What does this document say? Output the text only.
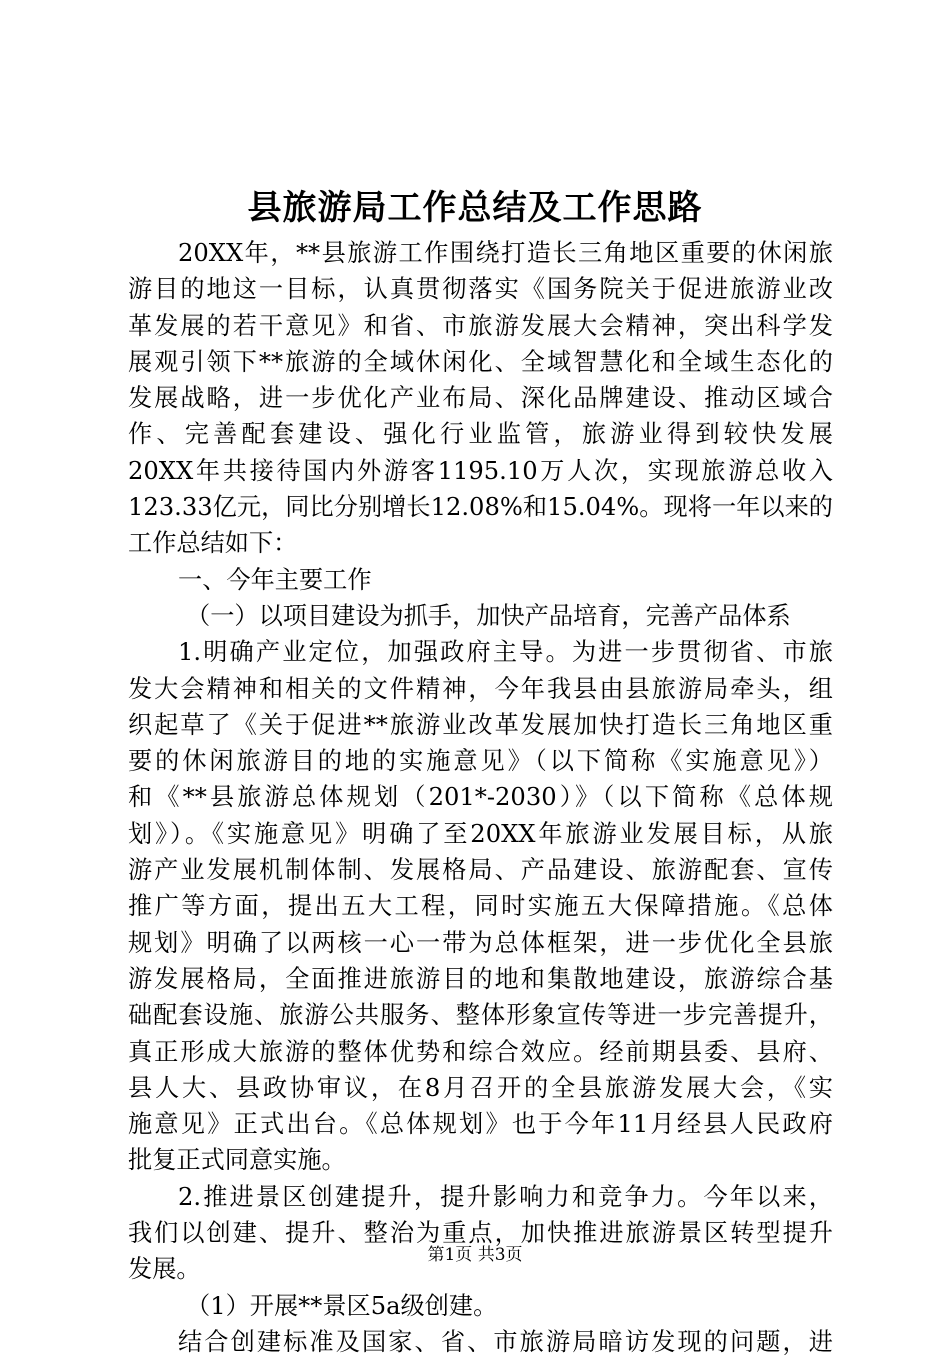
县旅游局工作总结及工作思路
20XX年，**县旅游工作围绕打造长三角地区重要的休闲旅
游目的地这一目标，认真贯彻落实《国务院关于促进旅游业改
革发展的若干意见》和省、市旅游发展大会精神，突出科学发
展观引领下**旅游的全域休闲化、全域智慧化和全域生态化的
发展战略，进一步优化产业布局、深化品牌建设、推动区域合
作、完善配套建设、强化行业监管，旅游业得到较快发展
20XX年共接待国内外游客1195.10万人次，实现旅游总收入
123.33亿元，同比分别增长12.08%和15.04%。现将一年以来的
工作总结如下：
一、今年主要工作
（一）以项目建设为抓手，加快产品培育，完善产品体系
1.明确产业定位，加强政府主导。为进一步贯彻省、市旅
发大会精神和相关的文件精神，今年我县由县旅游局牵头，组
织起草了《关于促进**旅游业改革发展加快打造长三角地区重
要的休闲旅游目的地的实施意见》（以下简称《实施意见》）
和《**县旅游总体规划（201*-2030）》（以下简称《总体规
划》）。《实施意见》明确了至20XX年旅游业发展目标，从旅
游产业发展机制体制、发展格局、产品建设、旅游配套、宣传
推广等方面，提出五大工程，同时实施五大保障措施。《总体
规划》明确了以两核一心一带为总体框架，进一步优化全县旅
游发展格局，全面推进旅游目的地和集散地建设，旅游综合基
础配套设施、旅游公共服务、整体形象宣传等进一步完善提升，
真正形成大旅游的整体优势和综合效应。经前期县委、县府、
县人大、县政协审议，在8月召开的全县旅游发展大会，《实
施意见》正式出台。《总体规划》也于今年11月经县人民政府
批复正式同意实施。
2.推进景区创建提升，提升影响力和竞争力。今年以来，
我们以创建、提升、整治为重点，加快推进旅游景区转型提升
发展。
（1）开展**景区5a级创建。
结合创建标准及国家、省、市旅游局暗访发现的问题，进
第1页 共3页
